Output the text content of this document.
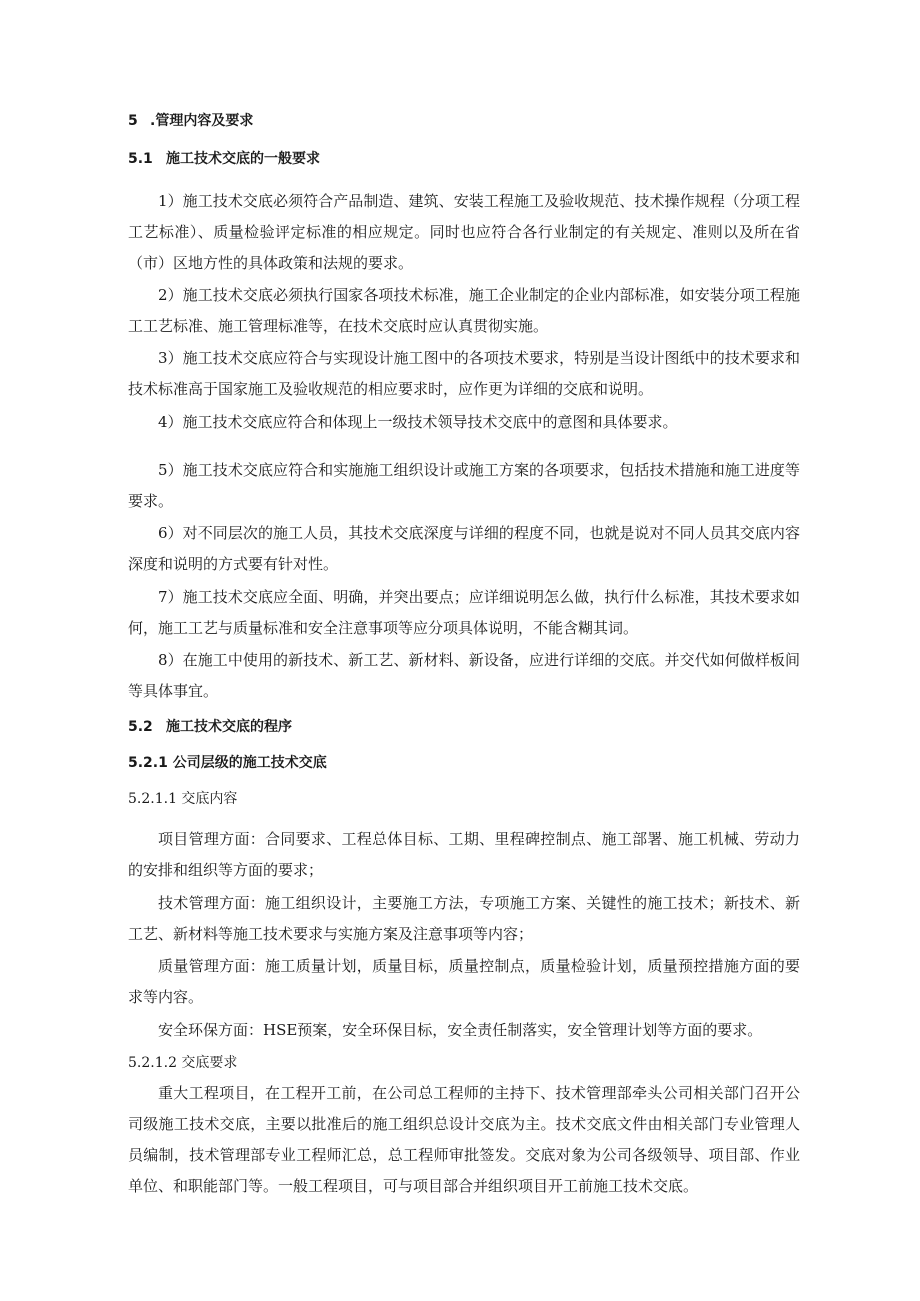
5 .管理内容及要求
5.1 施工技术交底的一般要求

1）施工技术交底必须符合产品制造、建筑、安装工程施工及验收规范、技术操作规程（分项工程工艺标准）、质量检验评定标准的相应规定。同时也应符合各行业制定的有关规定、准则以及所在省（市）区地方性的具体政策和法规的要求。

2）施工技术交底必须执行国家各项技术标准，施工企业制定的企业内部标准，如安装分项工程施工工艺标准、施工管理标准等，在技术交底时应认真贯彻实施。

3）施工技术交底应符合与实现设计施工图中的各项技术要求，特别是当设计图纸中的技术要求和技术标准高于国家施工及验收规范的相应要求时，应作更为详细的交底和说明。

4）施工技术交底应符合和体现上一级技术领导技术交底中的意图和具体要求。

5）施工技术交底应符合和实施施工组织设计或施工方案的各项要求，包括技术措施和施工进度等要求。

6）对不同层次的施工人员，其技术交底深度与详细的程度不同，也就是说对不同人员其交底内容深度和说明的方式要有针对性。

7）施工技术交底应全面、明确，并突出要点；应详细说明怎么做，执行什么标准，其技术要求如何，施工工艺与质量标准和安全注意事项等应分项具体说明，不能含糊其词。

8）在施工中使用的新技术、新工艺、新材料、新设备，应进行详细的交底。并交代如何做样板间等具体事宜。

5.2 施工技术交底的程序
5.2.1 公司层级的施工技术交底
5.2.1.1 交底内容

项目管理方面：合同要求、工程总体目标、工期、里程碑控制点、施工部署、施工机械、劳动力的安排和组织等方面的要求；

技术管理方面：施工组织设计，主要施工方法，专项施工方案、关键性的施工技术；新技术、新工艺、新材料等施工技术要求与实施方案及注意事项等内容；

质量管理方面：施工质量计划，质量目标，质量控制点，质量检验计划，质量预控措施方面的要求等内容。

安全环保方面：HSE预案，安全环保目标，安全责任制落实，安全管理计划等方面的要求。

5.2.1.2 交底要求

重大工程项目，在工程开工前，在公司总工程师的主持下、技术管理部牵头公司相关部门召开公司级施工技术交底，主要以批准后的施工组织总设计交底为主。技术交底文件由相关部门专业管理人员编制，技术管理部专业工程师汇总，总工程师审批签发。交底对象为公司各级领导、项目部、作业单位、和职能部门等。一般工程项目，可与项目部合并组织项目开工前施工技术交底。
